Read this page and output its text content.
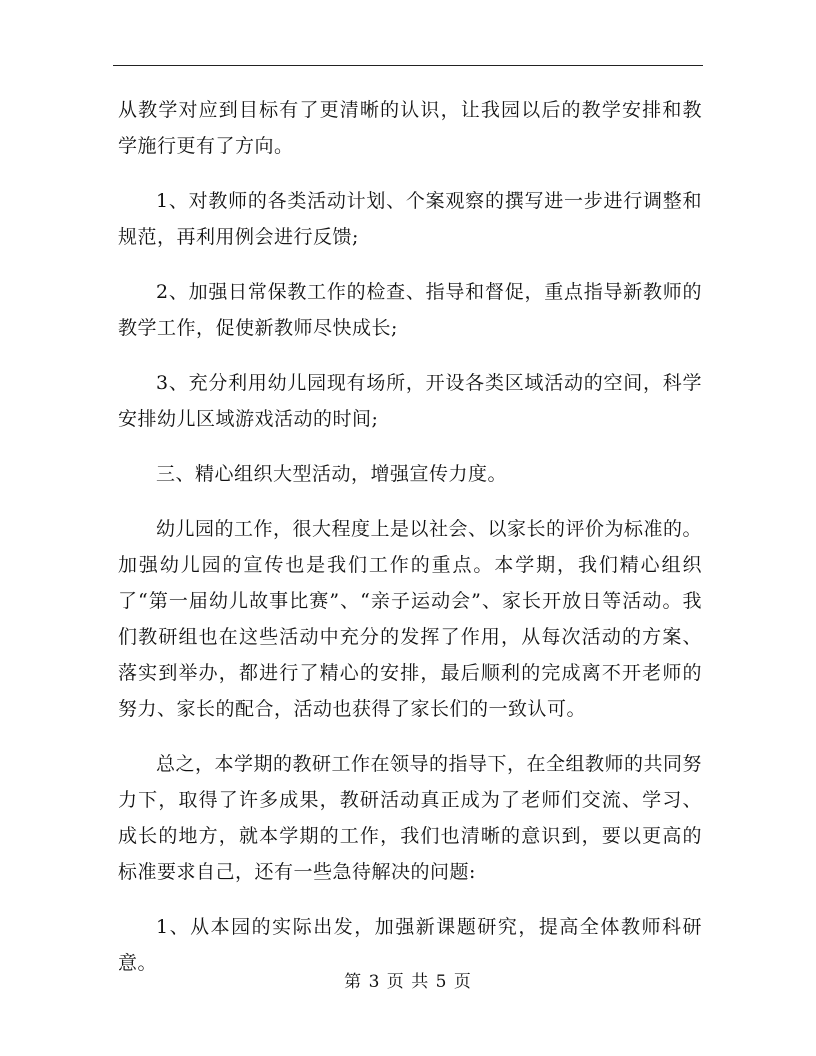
从教学对应到目标有了更清晰的认识，让我园以后的教学安排和教学施行更有了方向。

1、对教师的各类活动计划、个案观察的撰写进一步进行调整和规范，再利用例会进行反馈;

2、加强日常保教工作的检查、指导和督促，重点指导新教师的教学工作，促使新教师尽快成长;

3、充分利用幼儿园现有场所，开设各类区域活动的空间，科学安排幼儿区域游戏活动的时间;

三、精心组织大型活动，增强宣传力度。

幼儿园的工作，很大程度上是以社会、以家长的评价为标准的。加强幼儿园的宣传也是我们工作的重点。本学期，我们精心组织了“第一届幼儿故事比赛”、“亲子运动会”、家长开放日等活动。我们教研组也在这些活动中充分的发挥了作用，从每次活动的方案、落实到举办，都进行了精心的安排，最后顺利的完成离不开老师的努力、家长的配合，活动也获得了家长们的一致认可。

总之，本学期的教研工作在领导的指导下，在全组教师的共同努力下，取得了许多成果，教研活动真正成为了老师们交流、学习、成长的地方，就本学期的工作，我们也清晰的意识到，要以更高的标准要求自己，还有一些急待解决的问题:

1、从本园的实际出发，加强新课题研究，提高全体教师科研意。

第 3 页 共 5 页
